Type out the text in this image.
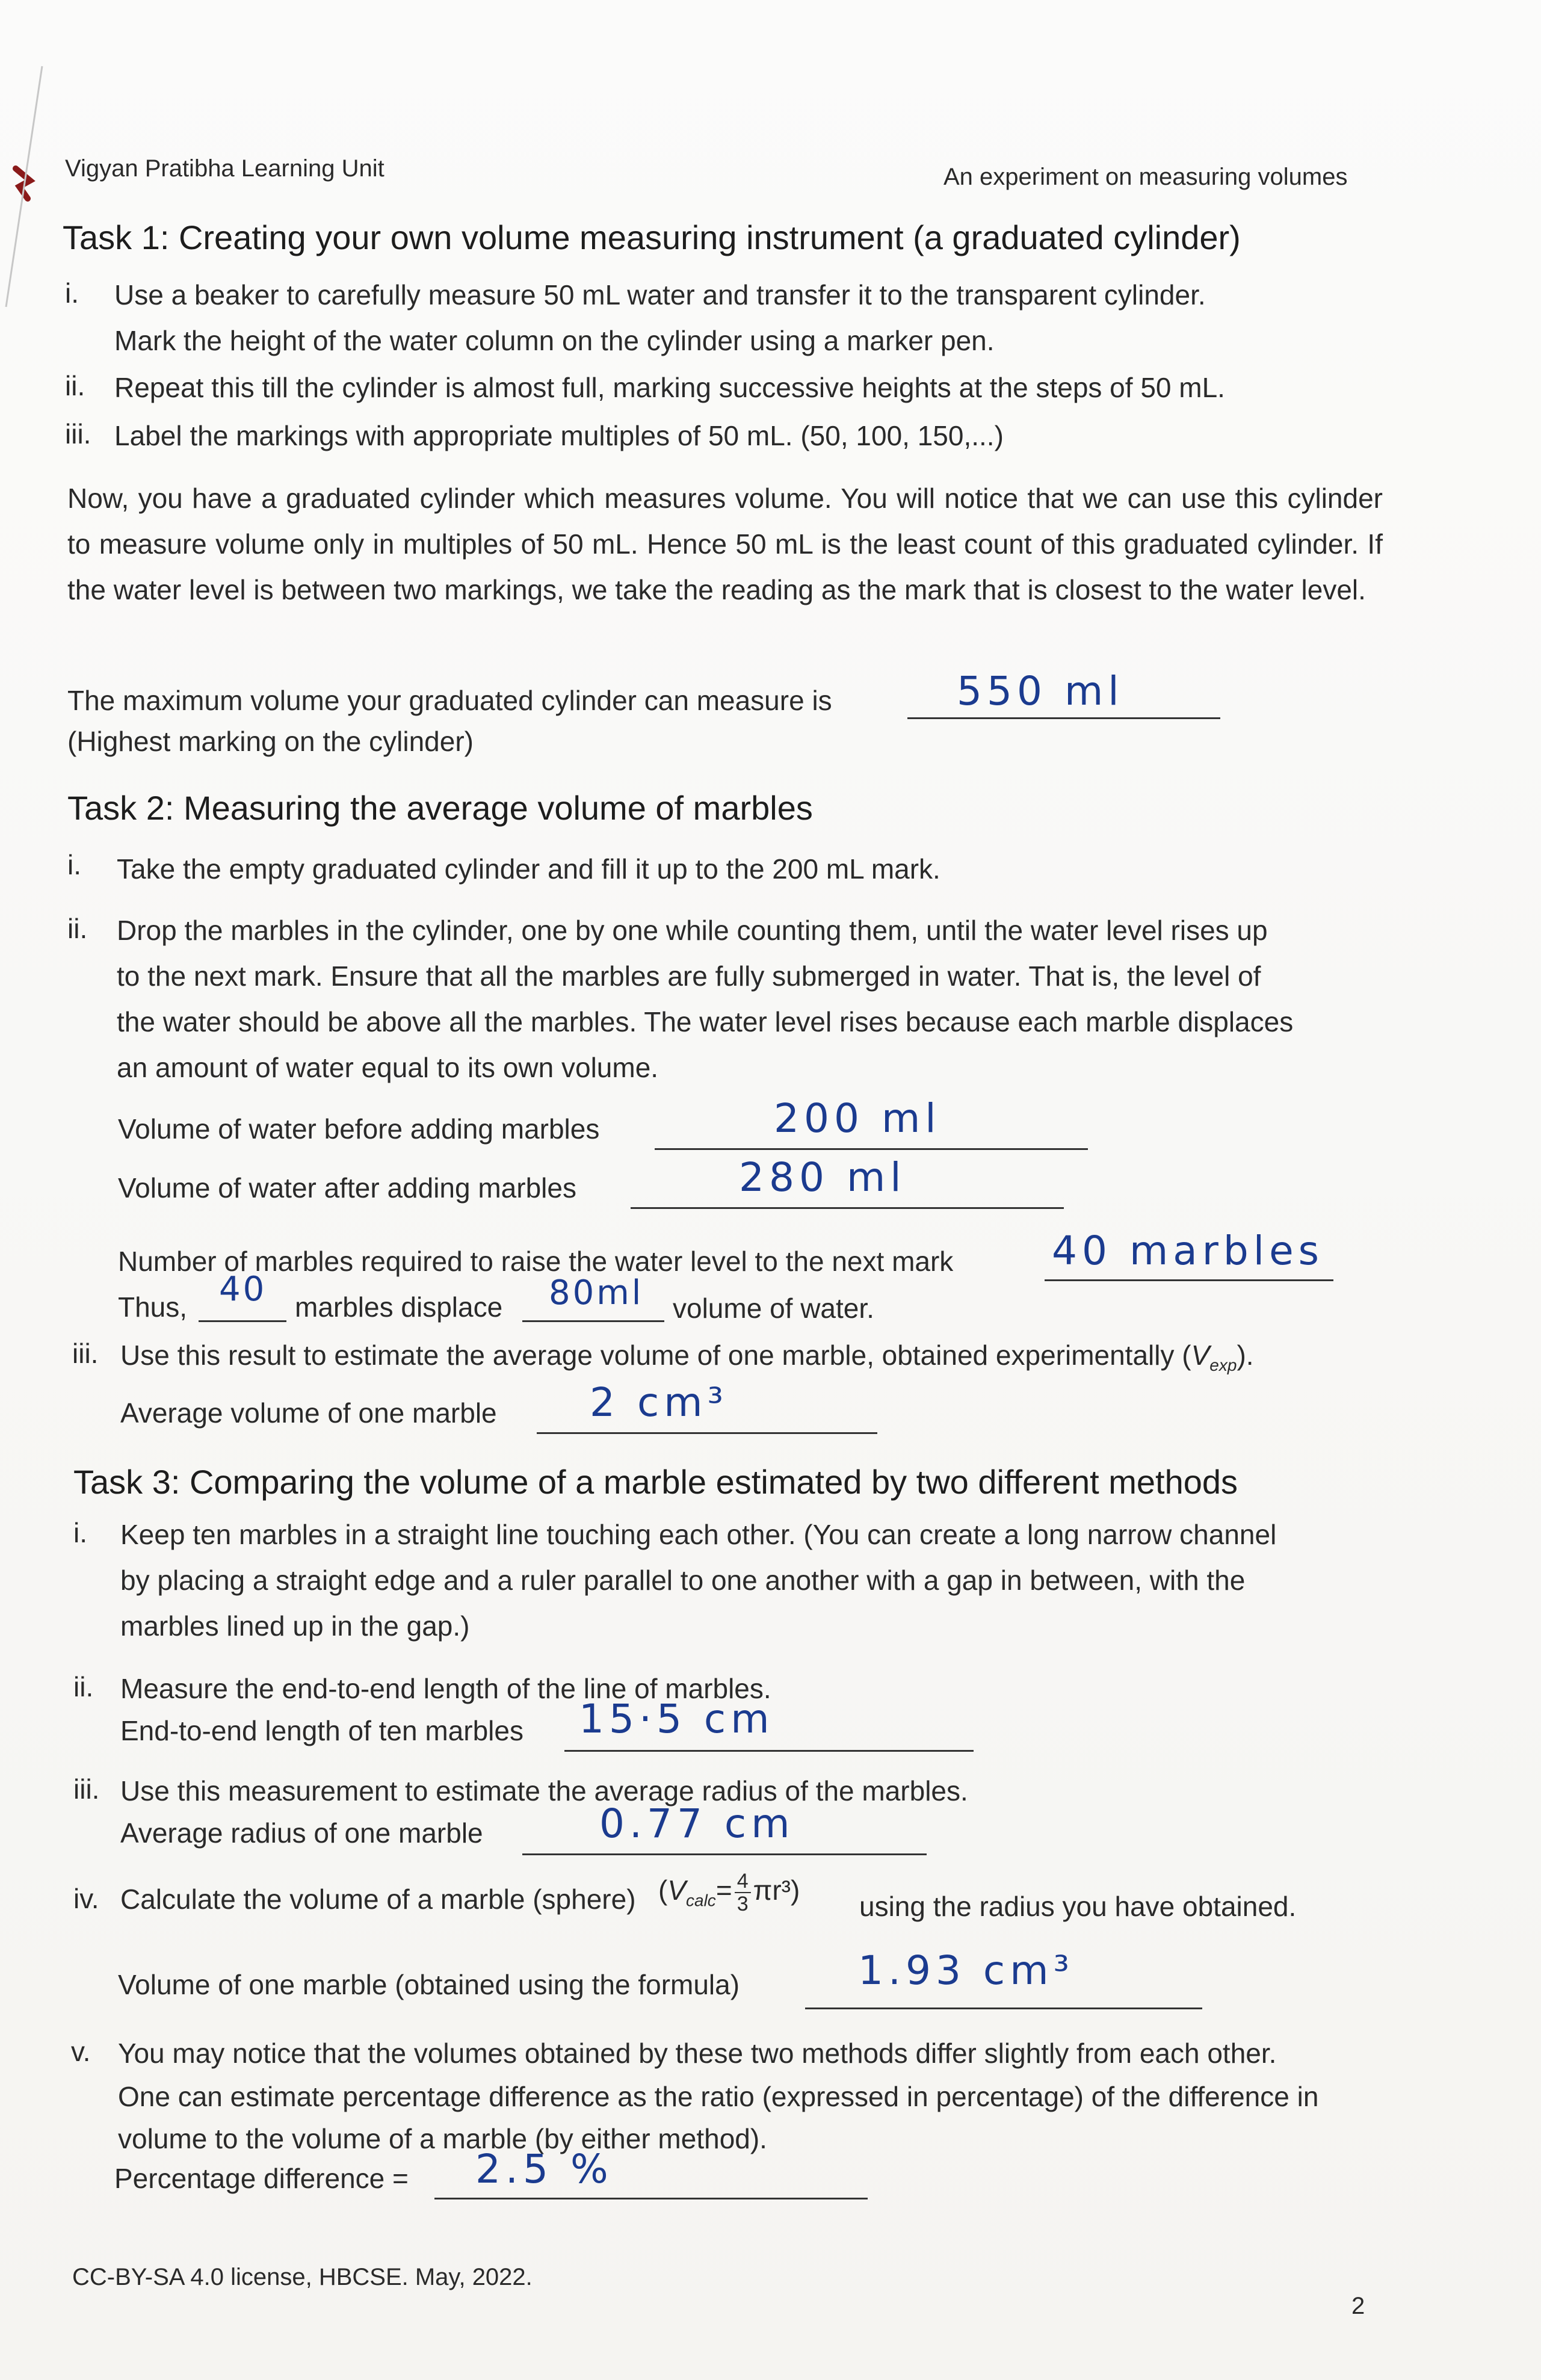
Vigyan Pratibha Learning Unit	An experiment on measuring volumes
Task 1: Creating your own volume measuring instrument (a graduated cylinder)
i. Use a beaker to carefully measure 50 mL water and transfer it to the transparent cylinder.
Mark the height of the water column on the cylinder using a marker pen.
ii. Repeat this till the cylinder is almost full, marking successive heights at the steps of 50 mL.
iii. Label the markings with appropriate multiples of 50 mL. (50, 100, 150,...)
Now, you have a graduated cylinder which measures volume. You will notice that we can use this cylinder to measure volume only in multiples of 50 mL. Hence 50 mL is the least count of this graduated cylinder. If the water level is between two markings, we take the reading as the mark that is closest to the water level.
The maximum volume your graduated cylinder can measure is	550 ml
(Highest marking on the cylinder)
Task 2: Measuring the average volume of marbles
i. Take the empty graduated cylinder and fill it up to the 200 mL mark.
ii. Drop the marbles in the cylinder, one by one while counting them, until the water level rises up
to the next mark. Ensure that all the marbles are fully submerged in water. That is, the level of
the water should be above all the marbles. The water level rises because each marble displaces
an amount of water equal to its own volume.
Volume of water before adding marbles	200 ml
Volume of water after adding marbles	280 ml
Number of marbles required to raise the water level to the next mark 40 marbles
Thus, 40 marbles displace 80ml volume of water.
iii. Use this result to estimate the average volume of one marble, obtained experimentally $(V_{exp})$.
Average volume of one marble 2 cm³
Task 3: Comparing the volume of a marble estimated by two different methods
i. Keep ten marbles in a straight line touching each other. (You can create a long narrow channel
by placing a straight edge and a ruler parallel to one another with a gap in between, with the
marbles lined up in the gap.)
ii. Measure the end-to-end length of the line of marbles.
End-to-end length of ten marbles 15·5 cm
iii. Use this measurement to estimate the average radius of the marbles.
Average radius of one marble	0.77 cm
iv. Calculate the volume of a marble (sphere) $(V_{calc}= \frac{4}{3} \pi r^3)$
using the radius you have obtained.
Volume of one marble (obtained using the formula)	1.93 cm³
v. You may notice that the volumes obtained by these two methods differ slightly from each other.
One can estimate percentage difference as the ratio (expressed in percentage) of the difference in
volume to the volume of a marble (by either method).
Percentage difference = 2.5 %
CC-BY-SA 4.0 license, HBCSE. May, 2022.
2
